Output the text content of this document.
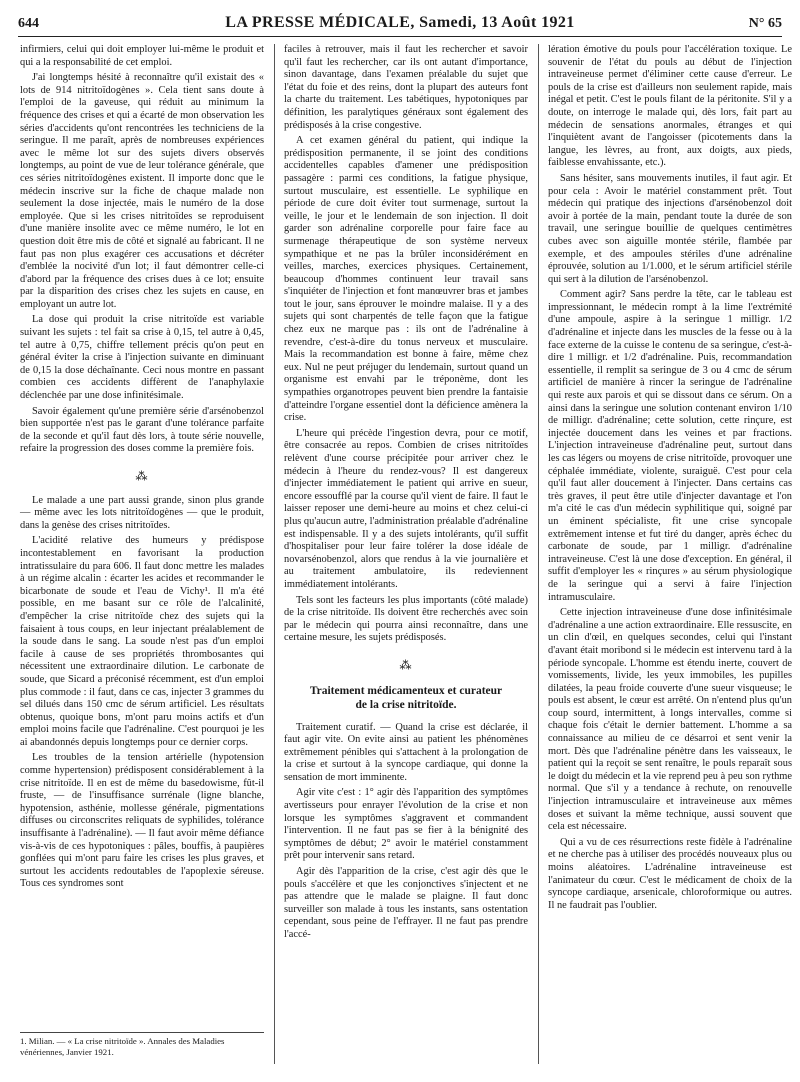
644	LA PRESSE MÉDICALE, Samedi, 13 Août 1921	N° 65

infirmiers, celui qui doit employer lui-même le produit et qui a la responsabilité de cet emploi.

J'ai longtemps hésité à reconnaître qu'il existait des « lots de 914 nitritoïdogènes ». Cela tient sans doute à l'emploi de la gaveuse, qui réduit au minimum la fréquence des crises et qui a écarté de mon observation les séries d'accidents qu'ont rencontrées les techniciens de la seringue. Il me paraît, après de nombreuses expériences avec le même lot sur des sujets divers observés longtemps, au point de vue de leur tolérance générale, que ces séries nitritoïdogènes existent. Il importe donc que le médecin inscrive sur la fiche de chaque malade non seulement la dose injectée, mais le numéro de la dose employée. Que si les crises nitritoïdes se reproduisent d'une manière insolite avec ce même numéro, le lot en question doit être mis de côté et signalé au fabricant. Il ne faut pas non plus exagérer ces accusations et décréter d'emblée la nocivité d'un lot; il faut démontrer celle-ci d'abord par la fréquence des crises dues à ce lot; ensuite par la disparition des crises chez les sujets en cause, en employant un autre lot.

La dose qui produit la crise nitritoïde est variable suivant les sujets : tel fait sa crise à 0,15, tel autre à 0,45, tel autre à 0,75, chiffre tellement précis qu'on peut en général éviter la crise à l'injection suivante en diminuant de 0,15 la dose déchaînante. Ceci nous montre en passant combien ces accidents diffèrent de l'anaphylaxie déclenchée par une dose infinitésimale.

Savoir également qu'une première série d'arsénobenzol bien supportée n'est pas le garant d'une tolérance parfaite de la seconde et qu'il faut dès lors, à toute série nouvelle, refaire la progression des doses comme la première fois.

⁂

Le malade a une part aussi grande, sinon plus grande — même avec les lots nitritoïdogènes — que le produit, dans la genèse des crises nitritoïdes.

L'acidité relative des humeurs y prédispose incontestablement en favorisant la production intratissulaire du para 606. Il faut donc mettre les malades à un régime alcalin : écarter les acides et recommander le bicarbonate de soude et l'eau de Vichy¹. Il m'a été possible, en me basant sur ce rôle de l'alcalinité, d'empêcher la crise nitritoïde chez des sujets qui la faisaient à tous coups, en leur injectant préalablement de la soude dans le sang. La soude n'est pas d'un emploi facile à cause de ses propriétés thrombosantes qui nécessitent une extraordinaire dilution. Le carbonate de soude, que Sicard a préconisé récemment, est d'un emploi plus commode : il faut, dans ce cas, injecter 3 grammes du sel dilués dans 150 cmc de sérum artificiel. Les résultats obtenus, quoique bons, m'ont paru moins actifs et d'un emploi moins facile que l'adrénaline. C'est pourquoi je les ai abandonnés depuis longtemps pour ce dernier corps.

Les troubles de la tension artérielle (hypotension comme hypertension) prédisposent considérablement à la crise nitritoïde. Il en est de même du basedowisme, fût-il fruste, — de l'insuffisance surrénale (ligne blanche, hypotension, asthénie, mollesse générale, pigmentations diffuses ou circonscrites reliquats de syphilides, tolérance insuffisante à l'adrénaline). — Il faut avoir même défiance vis-à-vis de ces hypotoniques : pâles, bouffis, à paupières gonflées qui m'ont paru faire les crises les plus graves, et surtout les accidents redoutables de l'apoplexie séreuse. Tous ces syndromes sont

1. Milian. — « La crise nitritoïde ». Annales des Maladies vénériennes, Janvier 1921.

faciles à retrouver, mais il faut les rechercher et savoir qu'il faut les rechercher, car ils ont autant d'importance, sinon davantage, dans l'examen préalable du sujet que l'état du foie et des reins, dont la plupart des auteurs font la charte du traitement. Les tabétiques, hypotoniques par définition, les paralytiques généraux sont également des prédisposés à la crise congestive.

A cet examen général du patient, qui indique la prédisposition permanente, il se joint des conditions accidentelles capables d'amener une prédisposition passagère : parmi ces conditions, la fatigue physique, surtout musculaire, est essentielle. Le syphilique en période de cure doit éviter tout surmenage, surtout la veille, le jour et le lendemain de son injection. Il doit garder son adrénaline corporelle pour faire face au surmenage thérapeutique de son système nerveux sympathique et ne pas la brûler inconsidérément en veilles, marches, exercices physiques. Certainement, beaucoup d'hommes continuent leur travail sans s'inquiéter de l'injection et font manœuvrer bras et jambes tout le jour, sans éprouver le moindre malaise. Il y a des sujets qui sont charpentés de telle façon que la fatigue chez eux ne marque pas : ils ont de l'adrénaline à revendre, c'est-à-dire du tonus nerveux et musculaire. Mais la recommandation est bonne à faire, même chez eux. Nul ne peut préjuger du lendemain, surtout quand un organisme est envahi par le tréponème, dont les sympathies organotropes peuvent bien prendre la fantaisie d'atteindre l'organe essentiel dont la déficience amènera la crise.

L'heure qui précède l'ingestion devra, pour ce motif, être consacrée au repos. Combien de crises nitritoïdes relèvent d'une course précipitée pour arriver chez le médecin à l'heure du rendez-vous? Il est dangereux d'injecter immédiatement le patient qui arrive en sueur, encore essoufflé par la course qu'il vient de faire. Il faut le laisser reposer une demi-heure au moins et chez celui-ci plus qu'aucun autre, l'administration préalable d'adrénaline est indispensable. Il y a des sujets intolérants, qu'il suffit d'hospitaliser pour leur faire tolérer la dose idéale de novarsénobenzol, alors que rendus à la vie journalière et au traitement ambulatoire, ils redeviennent immédiatement intolérants.

Tels sont les facteurs les plus importants (côté malade) de la crise nitritoïde. Ils doivent être recherchés avec soin par le médecin qui pourra ainsi reconnaître, dans une certaine mesure, les sujets prédisposés.

⁂
Traitement médicamenteux et curateur
de la crise nitritoïde.

Traitement curatif. — Quand la crise est déclarée, il faut agir vite. On evite ainsi au patient les phénomènes extrêmement pénibles qui s'attachent à la prolongation de la crise et surtout à la syncope cardiaque, qui donne la sensation de mort imminente.

Agir vite c'est : 1° agir dès l'apparition des symptômes avertisseurs pour enrayer l'évolution de la crise et non lorsque les symptômes s'aggravent et commandent l'intervention. Il ne faut pas se fier à la bénignité des symptômes de début; 2° avoir le matériel constamment prêt pour intervenir sans retard.

Agir dès l'apparition de la crise, c'est agir dès que le pouls s'accélère et que les conjonctives s'injectent et ne pas attendre que le malade se plaigne. Il faut donc surveiller son malade à tous les instants, sans ostentation cependant, sous peine de l'effrayer. Il ne faut pas prendre l'accé-

lération émotive du pouls pour l'accélération toxique. Le souvenir de l'état du pouls au début de l'injection intraveineuse permet d'éliminer cette cause d'erreur. Le pouls de la crise est d'ailleurs non seulement rapide, mais inégal et petit. C'est le pouls filant de la péritonite. S'il y a doute, on interroge le malade qui, dès lors, fait part au médecin de sensations anormales, étranges et qui l'inquiètent avant de l'angoisser (picotements dans la langue, les lèvres, au front, aux doigts, aux pieds, faiblesse envahissante, etc.).

Sans hésiter, sans mouvements inutiles, il faut agir. Et pour cela : Avoir le matériel constamment prêt. Tout médecin qui pratique des injections d'arsénobenzol doit avoir à portée de la main, pendant toute la durée de son travail, une seringue bouillie de quelques centimètres cubes avec son aiguille montée stérile, flambée par exemple, et des ampoules stériles d'une adrénaline éprouvée, solution au 1/1.000, et le sérum artificiel stérile qui sert à la dilution de l'arsénobenzol.

Comment agir? Sans perdre la tête, car le tableau est impressionnant, le médecin rompt à la lime l'extrémité d'une ampoule, aspire à la seringue 1 milligr. 1/2 d'adrénaline et injecte dans les muscles de la fesse ou à la face externe de la cuisse le contenu de sa seringue, c'est-à-dire 1 milligr. et 1/2 d'adrénaline. Puis, recommandation essentielle, il remplit sa seringue de 3 ou 4 cmc de sérum artificiel de manière à rincer la seringue de l'adrénaline qui reste aux parois et qui se dissout dans ce sérum. On a ainsi dans la seringue une solution contenant environ 1/10 de milligr. d'adrénaline; cette solution, cette rinçure, est injectée doucement dans les veines et par fractions. L'injection intraveineuse d'adrénaline peut, surtout dans les cas légers ou moyens de crise nitritoïde, provoquer une céphalée immédiate, violente, suraiguë. C'est pour cela qu'il faut aller doucement à l'injecter. Dans certains cas très graves, il peut être utile d'injecter davantage et l'on m'a cité le cas d'un médecin syphilitique qui, soigné par un éminent spécialiste, fit une crise syncopale extrêmement intense et fut tiré du danger, après échec du carbonate de soude, par 1 milligr. d'adrénaline intraveineuse. C'est là une dose d'exception. En général, il suffit d'employer les « rinçures » au sérum physiologique de la seringue qui a servi à faire l'injection intramusculaire.

Cette injection intraveineuse d'une dose infinitésimale d'adrénaline a une action extraordinaire. Elle ressuscite, en un clin d'œil, en quelques secondes, celui qui l'instant d'avant était moribond si le médecin est intervenu tard à la période syncopale. L'homme est étendu inerte, couvert de vomissements, livide, les yeux immobiles, les pupilles dilatées, la peau froide couverte d'une sueur visqueuse; le pouls est absent, le cœur est arrêté. On n'entend plus qu'un coup sourd, intermittent, à longs intervalles, comme si chaque fois c'était le dernier battement. L'homme a sa connaissance au milieu de ce désarroi et sent venir la mort. Dès que l'adrénaline pénètre dans les vaisseaux, le patient qui la reçoit se sent renaître, le pouls reparaît sous le doigt du médecin et la vie reprend peu à peu son rythme normal. Que s'il y a tendance à rechute, on renouvelle l'injection intramusculaire et intraveineuse aux mêmes doses et suivant la même technique, aussi souvent que cela est nécessaire.

Qui a vu de ces résurrections reste fidèle à l'adrénaline et ne cherche pas à utiliser des procédés nouveaux plus ou moins aléatoires. L'adrénaline intraveineuse est l'animateur du cœur. C'est le médicament de choix de la syncope cardiaque, arsenicale, chloroformique ou autres. Il ne faudrait pas l'oublier.
